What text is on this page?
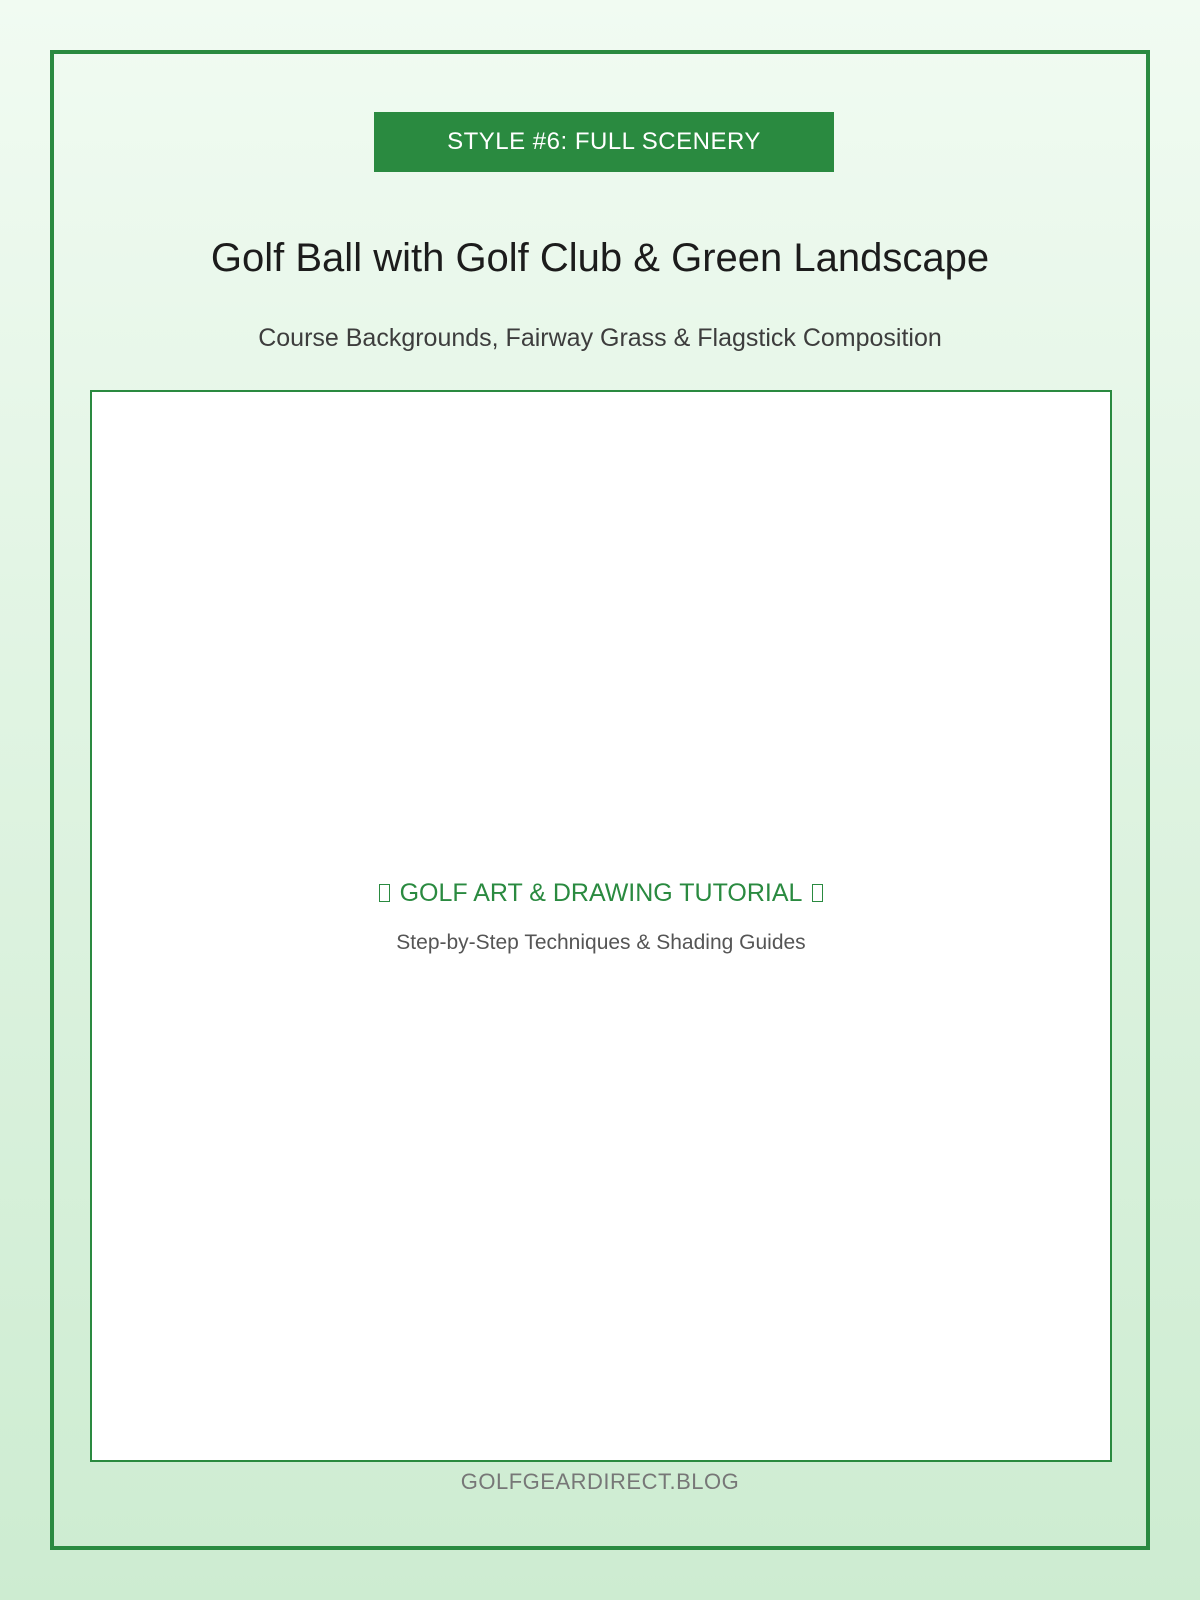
STYLE #6: FULL SCENERY
Golf Ball with Golf Club & Green Landscape
Course Backgrounds, Fairway Grass & Flagstick Composition
GOLF ART & DRAWING TUTORIAL
Step-by-Step Techniques & Shading Guides
GOLFGEARDIRECT.BLOG
